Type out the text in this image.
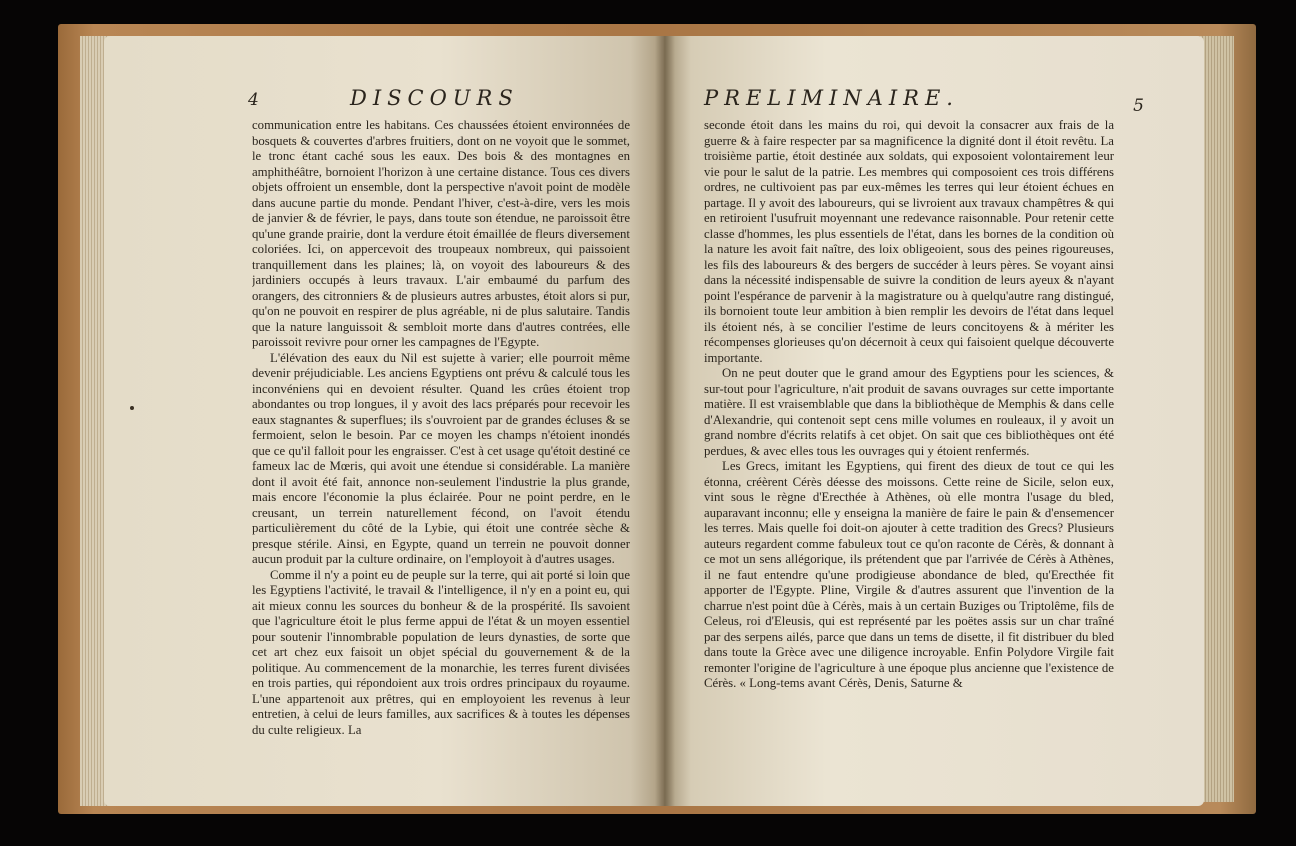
4	DISCOURS

communication entre les habitans. Ces chaussées étoient environnées de bosquets & couvertes d'arbres fruitiers, dont on ne voyoit que le sommet, le tronc étant caché sous les eaux. Des bois & des montagnes en amphithéâtre, bornoient l'horizon à une certaine distance. Tous ces divers objets offroient un ensemble, dont la perspective n'avoit point de modèle dans aucune partie du monde. Pendant l'hiver, c'est-à-dire, vers les mois de janvier & de février, le pays, dans toute son étendue, ne paroissoit être qu'une grande prairie, dont la verdure étoit émaillée de fleurs diversement coloriées. Ici, on appercevoit des troupeaux nombreux, qui paissoient tranquillement dans les plaines; là, on voyoit des laboureurs & des jardiniers occupés à leurs travaux. L'air embaumé du parfum des orangers, des citronniers & de plusieurs autres arbustes, étoit alors si pur, qu'on ne pouvoit en respirer de plus agréable, ni de plus salutaire. Tandis que la nature languissoit & sembloit morte dans d'autres contrées, elle paroissoit revivre pour orner les campagnes de l'Egypte.

L'élévation des eaux du Nil est sujette à varier; elle pourroit même devenir préjudiciable. Les anciens Egyptiens ont prévu & calculé tous les inconvéniens qui en devoient résulter. Quand les crûes étoient trop abondantes ou trop longues, il y avoit des lacs préparés pour recevoir les eaux stagnantes & superflues; ils s'ouvroient par de grandes écluses & se fermoient, selon le besoin. Par ce moyen les champs n'étoient inondés que ce qu'il falloit pour les engraisser. C'est à cet usage qu'étoit destiné ce fameux lac de Mœris, qui avoit une étendue si considérable. La manière dont il avoit été fait, annonce non-seulement l'industrie la plus grande, mais encore l'économie la plus éclairée. Pour ne point perdre, en le creusant, un terrein naturellement fécond, on l'avoit étendu particulièrement du côté de la Lybie, qui étoit une contrée sèche & presque stérile. Ainsi, en Egypte, quand un terrein ne pouvoit donner aucun produit par la culture ordinaire, on l'employoit à d'autres usages.

Comme il n'y a point eu de peuple sur la terre, qui ait porté si loin que les Egyptiens l'activité, le travail & l'intelligence, il n'y en a point eu, qui ait mieux connu les sources du bonheur & de la prospérité. Ils savoient que l'agriculture étoit le plus ferme appui de l'état & un moyen essentiel pour soutenir l'innombrable population de leurs dynasties, de sorte que cet art chez eux faisoit un objet spécial du gouvernement & de la politique. Au commencement de la monarchie, les terres furent divisées en trois parties, qui répondoient aux trois ordres principaux du royaume. L'une appartenoit aux prêtres, qui en employoient les revenus à leur entretien, à celui de leurs familles, aux sacrifices & à toutes les dépenses du culte religieux. La

PRELIMINAIRE.	5

seconde étoit dans les mains du roi, qui devoit la consacrer aux frais de la guerre & à faire respecter par sa magnificence la dignité dont il étoit revêtu. La troisième partie, étoit destinée aux soldats, qui exposoient volontairement leur vie pour le salut de la patrie. Les membres qui composoient ces trois différens ordres, ne cultivoient pas par eux-mêmes les terres qui leur étoient échues en partage. Il y avoit des laboureurs, qui se livroient aux travaux champêtres & qui en retiroient l'usufruit moyennant une redevance raisonnable. Pour retenir cette classe d'hommes, les plus essentiels de l'état, dans les bornes de la condition où la nature les avoit fait naître, des loix obligeoient, sous des peines rigoureuses, les fils des laboureurs & des bergers de succéder à leurs pères. Se voyant ainsi dans la nécessité indispensable de suivre la condition de leurs ayeux & n'ayant point l'espérance de parvenir à la magistrature ou à quelqu'autre rang distingué, ils bornoient toute leur ambition à bien remplir les devoirs de l'état dans lequel ils étoient nés, à se concilier l'estime de leurs concitoyens & à mériter les récompenses glorieuses qu'on décernoit à ceux qui faisoient quelque découverte importante.

On ne peut douter que le grand amour des Egyptiens pour les sciences, & sur-tout pour l'agriculture, n'ait produit de savans ouvrages sur cette importante matière. Il est vraisemblable que dans la bibliothèque de Memphis & dans celle d'Alexandrie, qui contenoit sept cens mille volumes en rouleaux, il y avoit un grand nombre d'écrits relatifs à cet objet. On sait que ces bibliothèques ont été perdues, & avec elles tous les ouvrages qui y étoient renfermés.

Les Grecs, imitant les Egyptiens, qui firent des dieux de tout ce qui les étonna, créèrent Cérès déesse des moissons. Cette reine de Sicile, selon eux, vint sous le règne d'Erecthée à Athènes, où elle montra l'usage du bled, auparavant inconnu; elle y enseigna la manière de faire le pain & d'ensemencer les terres. Mais quelle foi doit-on ajouter à cette tradition des Grecs? Plusieurs auteurs regardent comme fabuleux tout ce qu'on raconte de Cérès, & donnant à ce mot un sens allégorique, ils prétendent que par l'arrivée de Cérès à Athènes, il ne faut entendre qu'une prodigieuse abondance de bled, qu'Erecthée fit apporter de l'Egypte. Pline, Virgile & d'autres assurent que l'invention de la charrue n'est point dûe à Cérès, mais à un certain Buziges ou Triptolême, fils de Celeus, roi d'Eleusis, qui est représenté par les poëtes assis sur un char traîné par des serpens ailés, parce que dans un tems de disette, il fit distribuer du bled dans toute la Grèce avec une diligence incroyable. Enfin Polydore Virgile fait remonter l'origine de l'agriculture à une époque plus ancienne que l'existence de Cérès. « Long-tems avant Cérès, Denis, Saturne &
